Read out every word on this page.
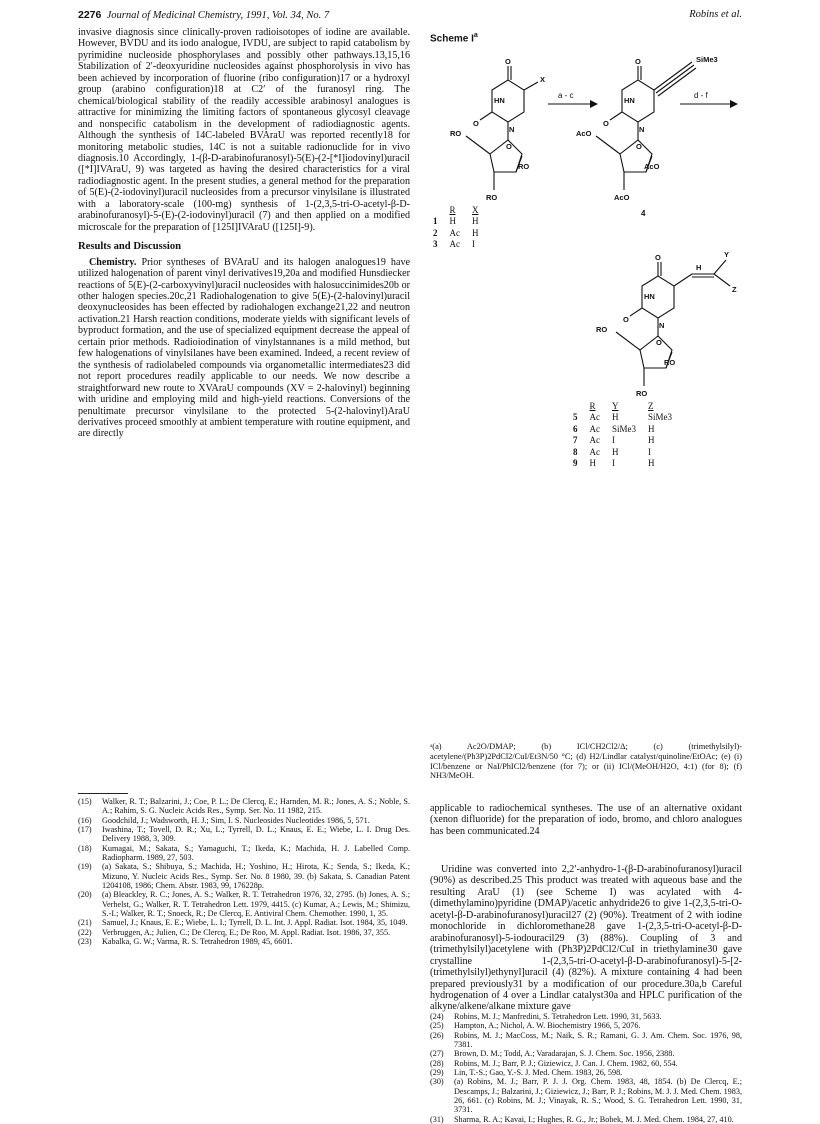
2276 Journal of Medicinal Chemistry, 1991, Vol. 34, No. 7	Robins et al.

invasive diagnosis since clinically-proven radioisotopes of iodine are available. However, BVDU and its iodo analogue, IVDU, are subject to rapid catabolism by pyrimidine nucleoside phosphorylases and possibly other pathways.13,15,16 Stabilization of 2′-deoxyuridine nucleosides against phosphorolysis in vivo has been achieved by incorporation of fluorine (ribo configuration)17 or a hydroxyl group (arabino configuration)18 at C2′ of the furanosyl ring. The chemical/biological stability of the readily accessible arabinosyl analogues is attractive for minimizing the limiting factors of spontaneous glycosyl cleavage and nonspecific catabolism in the development of radiodiagnostic agents. Although the synthesis of 14C-labeled BVAraU was reported recently18 for monitoring metabolic studies, 14C is not a suitable radionuclide for in vivo diagnosis.10 Accordingly, 1-(β-D-arabinofuranosyl)-5(E)-(2-[*I]iodovinyl)uracil ([*I]IVAraU, 9) was targeted as having the desired characteristics for a viral radiodiagnostic agent. In the present studies, a general method for the preparation of 5(E)-(2-iodovinyl)uracil nucleosides from a precursor vinylsilane is illustrated with a laboratory-scale (100-mg) synthesis of 1-(2,3,5-tri-O-acetyl-β-D-arabinofuranosyl)-5-(E)-(2-iodovinyl)uracil (7) and then applied on a modified microscale for the preparation of [125I]IVAraU ([125I]-9).

Results and Discussion

Chemistry. Prior syntheses of BVAraU and its halogen analogues19 have utilized halogenation of parent vinyl derivatives19,20a and modified Hunsdiecker reactions of 5(E)-(2-carboxyvinyl)uracil nucleosides with halosuccinimides20b or other halogen species.20c,21 Radiohalogenation to give 5(E)-(2-halovinyl)uracil deoxynucleosides has been effected by radiohalogen exchange21,22 and neutron activation.21 Harsh reaction conditions, moderate yields with significant levels of byproduct formation, and the use of specialized equipment decrease the appeal of certain prior methods. Radioiodination of vinylstannanes is a mild method, but few halogenations of vinylsilanes have been examined. Indeed, a recent review of the synthesis of radiolabeled compounds via organometallic intermediates23 did not report procedures readily applicable to our needs. We now describe a straightforward new route to XVAraU compounds (XV = 2-halovinyl) beginning with uridine and employing mild and high-yield reactions. Conversions of the penultimate precursor vinylsilane to the protected 5-(2-halovinyl)AraU derivatives proceed smoothly at ambient temperature with routine equipment, and are directly

(15) Walker, R. T.; Balzarini, J.; Coe, P. L.; De Clercq, E.; Harnden, M. R.; Jones, A. S.; Noble, S. A.; Rahim, S. G. Nucleic Acids Res., Symp. Ser. No. 11 1982, 215.
(16) Goodchild, J.; Wadsworth, H. J.; Sim, I. S. Nucleosides Nucleotides 1986, 5, 571.
(17) Iwashina, T.; Tovell, D. R.; Xu, L.; Tyrrell, D. L.; Knaus, E. E.; Wiebe, L. I. Drug Des. Delivery 1988, 3, 309.
(18) Kumagai, M.; Sakata, S.; Yamaguchi, T.; Ikeda, K.; Machida, H. J. Labelled Comp. Radiopharm. 1989, 27, 503.
(19) (a) Sakata, S.; Shibuya, S.; Machida, H.; Yoshino, H.; Hirota, K.; Senda, S.; Ikeda, K.; Mizuno, Y. Nucleic Acids Res., Symp. Ser. No. 8 1980, 39. (b) Sakata, S. Canadian Patent 1204108, 1986; Chem. Abstr. 1983, 99, 176228p.
(20) (a) Bleackley, R. C.; Jones, A. S.; Walker, R. T. Tetrahedron 1976, 32, 2795. (b) Jones, A. S.; Verhelst, G.; Walker, R. T. Tetrahedron Lett. 1979, 4415. (c) Kumar, A.; Lewis, M.; Shimizu, S.-I.; Walker, R. T.; Snoeck, R.; De Clercq, E. Antiviral Chem. Chemother. 1990, 1, 35.
(21) Samuel, J.; Knaus, E. E.; Wiebe, L. I.; Tyrrell, D. L. Int. J. Appl. Radiat. Isot. 1984, 35, 1049.
(22) Verbruggen, A.; Julien, C.; De Clercq, E.; De Roo, M. Appl. Radiat. Isot. 1986, 37, 355.
(23) Kabalka, G. W.; Varma, R. S. Tetrahedron 1989, 45, 6601.
Scheme $I^a$
HN
O
O
N
X
RO
RO
RO
O
SiMe3
HN
O
O
N
AcO
AcO
AcO
O
HN
O
O
N
RO
RO
RO
O
H
Y
Z
a - c	d - f
4
	R	X
1	H	H
2	Ac	H
3	Ac	I
	R	Y	Z
5	Ac	H	SiMe3
6	Ac	SiMe3	H
7	Ac	I	H
8	Ac	H	I
9	H	I	H
ᵃ(a) Ac2O/DMAP; (b) ICl/CH2Cl2/Δ; (c) (trimethylsilyl)-acetylene/(Ph3P)2PdCl2/CuI/Et3N/50 °C; (d) H2/Lindlar catalyst/quinoline/EtOAc; (e) (i) ICl/benzene or NaI/PhICl2/benzene (for 7); or (ii) ICl/(MeOH/H2O, 4:1) (for 8); (f) NH3/MeOH.

applicable to radiochemical syntheses. The use of an alternative oxidant (xenon difluoride) for the preparation of iodo, bromo, and chloro analogues has been communicated.24

Uridine was converted into 2,2′-anhydro-1-(β-D-arabinofuranosyl)uracil (90%) as described.25 This product was treated with aqueous base and the resulting AraU (1) (see Scheme I) was acylated with 4-(dimethylamino)pyridine (DMAP)/acetic anhydride26 to give 1-(2,3,5-tri-O-acetyl-β-D-arabinofuranosyl)uracil27 (2) (90%). Treatment of 2 with iodine monochloride in dichloromethane28 gave 1-(2,3,5-tri-O-acetyl-β-D-arabinofuranosyl)-5-iodouracil29 (3) (88%). Coupling of 3 and (trimethylsilyl)acetylene with (Ph3P)2PdCl2/CuI in triethylamine30 gave crystalline 1-(2,3,5-tri-O-acetyl-β-D-arabinofuranosyl)-5-[2-(trimethylsilyl)ethynyl]uracil (4) (82%). A mixture containing 4 had been prepared previously31 by a modification of our procedure.30a,b Careful hydrogenation of 4 over a Lindlar catalyst30a and HPLC purification of the alkyne/alkene/alkane mixture gave

(24) Robins, M. J.; Manfredini, S. Tetrahedron Lett. 1990, 31, 5633.
(25) Hampton, A.; Nichol, A. W. Biochemistry 1966, 5, 2076.
(26) Robins, M. J.; MacCoss, M.; Naik, S. R.; Ramani, G. J. Am. Chem. Soc. 1976, 98, 7381.
(27) Brown, D. M.; Todd, A.; Varadarajan, S. J. Chem. Soc. 1956, 2388.
(28) Robins, M. J.; Barr, P. J.; Giziewicz, J. Can. J. Chem. 1982, 60, 554.
(29) Lin, T.-S.; Gao, Y.-S. J. Med. Chem. 1983, 26, 598.
(30) (a) Robins, M. J.; Barr, P. J. J. Org. Chem. 1983, 48, 1854. (b) De Clercq, E.; Descamps, J.; Balzarini, J.; Giziewicz, J.; Barr, P. J.; Robins, M. J. J. Med. Chem. 1983, 26, 661. (c) Robins, M. J.; Vinayak, R. S.; Wood, S. G. Tetrahedron Lett. 1990, 31, 3731.
(31) Sharma, R. A.; Kavai, I.; Hughes, R. G., Jr.; Bobek, M. J. Med. Chem. 1984, 27, 410.
